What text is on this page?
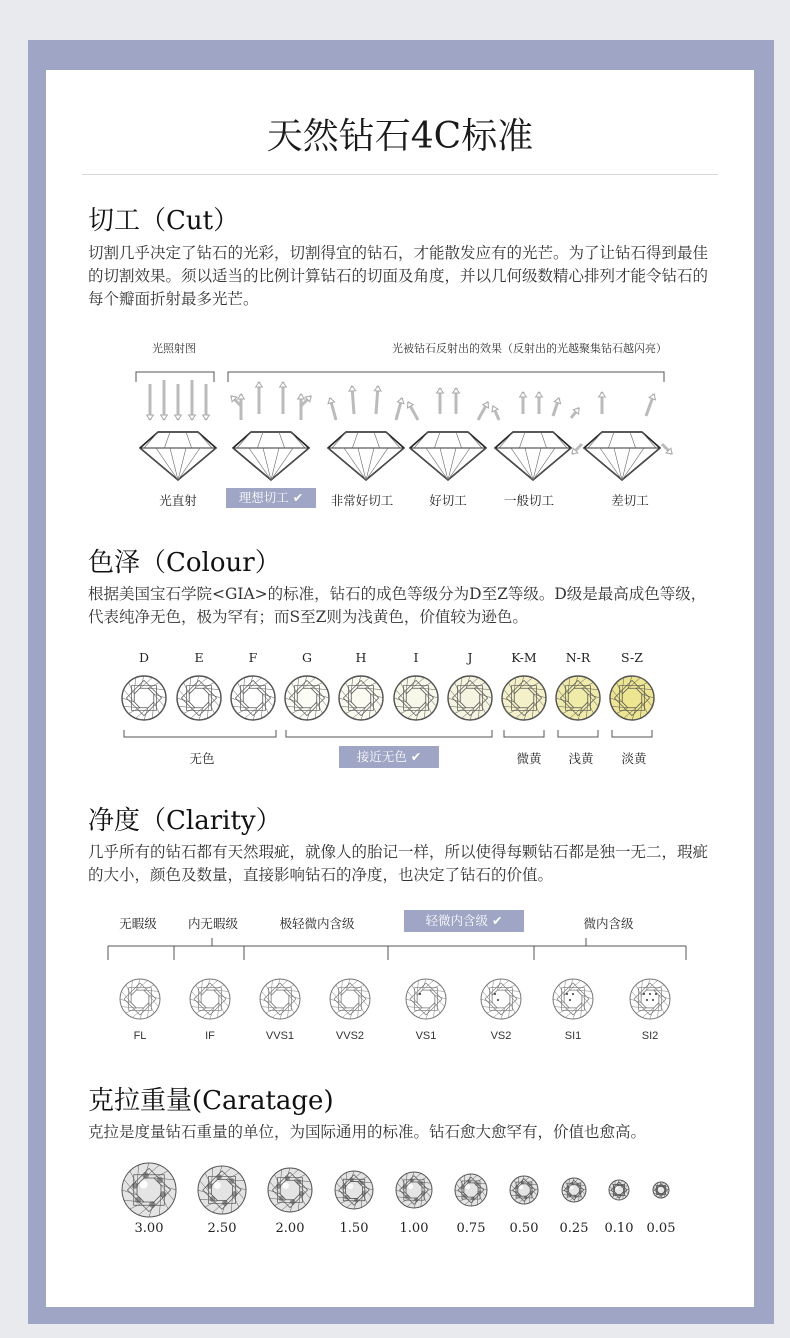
天然钻石4C标准
切工（Cut）
切割几乎决定了钻石的光彩，切割得宜的钻石，才能散发应有的光芒。为了让钻石得到最佳的切割效果。须以适当的比例计算钻石的切面及角度，并以几何级数精心排列才能令钻石的每个瓣面折射最多光芒。
光照射图	光被钻石反射出的效果（反射出的光越聚集钻石越闪亮）
光直射	理想切工 ✔	非常好切工	好切工	一般切工	差切工
色泽（Colour）
根据美国宝石学院<GIA>的标准，钻石的成色等级分为D至Z等级。D级是最高成色等级，代表纯净无色，极为罕有；而S至Z则为浅黄色，价值较为逊色。
D	E	F	G	H	I	J	K-M	N-R	S-Z
无色	接近无色 ✔	微黄	浅黄	淡黄
净度（Clarity）
几乎所有的钻石都有天然瑕疵，就像人的胎记一样，所以使得每颗钻石都是独一无二，瑕疵的大小，颜色及数量，直接影响钻石的净度，也决定了钻石的价值。
无暇级	内无暇级	极轻微内含级	轻微内含级 ✔	微内含级
FL	IF	VVS1	VVS2	VS1	VS2	SI1	SI2
克拉重量(Caratage)
克拉是度量钻石重量的单位，为国际通用的标准。钻石愈大愈罕有，价值也愈高。
3.00	2.50	2.00	1.50	1.00	0.75	0.50	0.25	0.10	0.05
